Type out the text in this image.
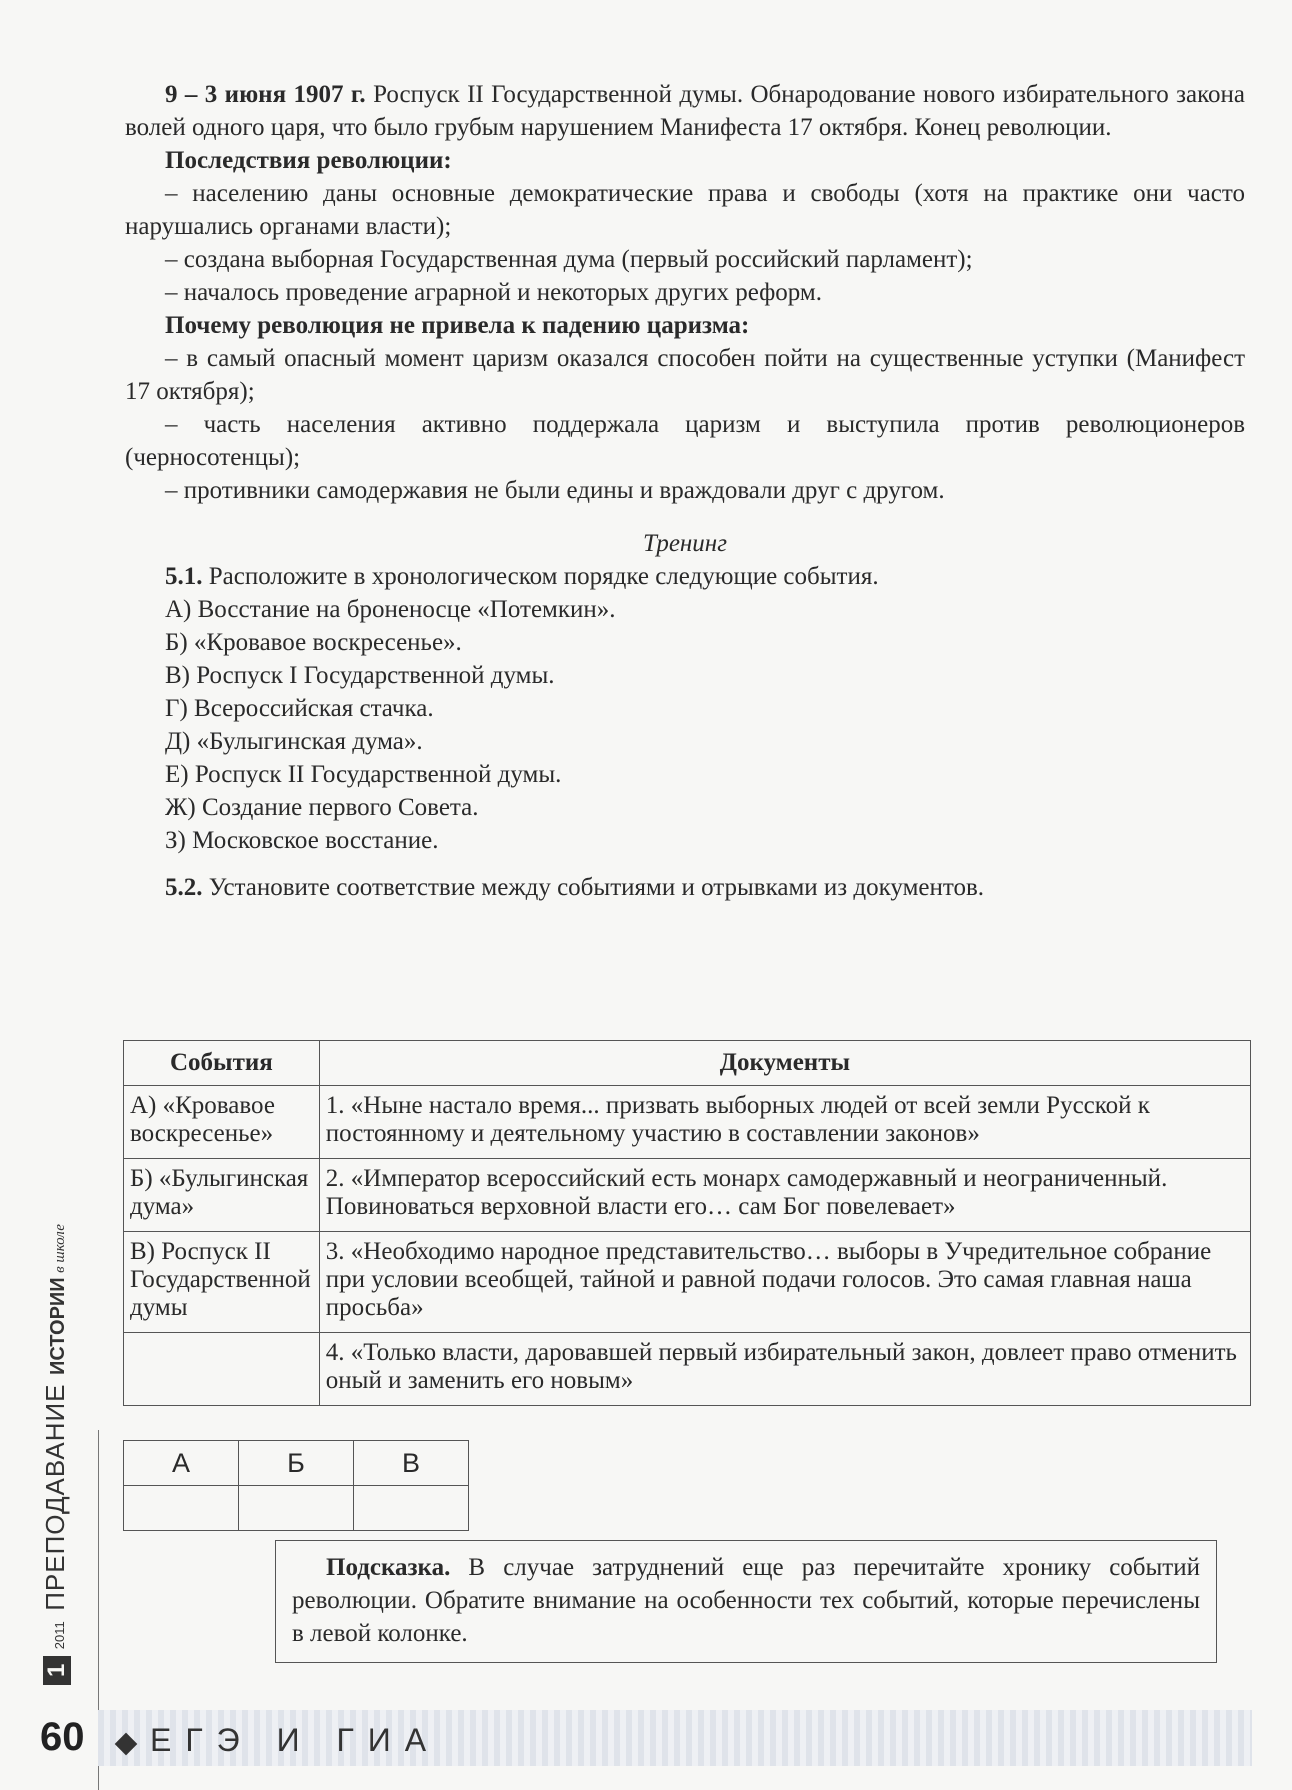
9 – 3 июня 1907 г. Роспуск II Государственной думы. Обнародование нового избирательного закона волей одного царя, что было грубым нарушением Манифеста 17 октября. Конец революции.

Последствия революции:

– населению даны основные демократические права и свободы (хотя на практике они часто нарушались органами власти);

– создана выборная Государственная дума (первый российский парламент);

– началось проведение аграрной и некоторых других реформ.

Почему революция не привела к падению царизма:

– в самый опасный момент царизм оказался способен пойти на существенные уступки (Манифест 17 октября);

– часть населения активно поддержала царизм и выступила против революционеров (черносотенцы);

– противники самодержавия не были едины и враждовали друг с другом.

Тренинг

5.1. Расположите в хронологическом порядке следующие события.

А) Восстание на броненосце «Потемкин».
Б) «Кровавое воскресенье».
В) Роспуск I Государственной думы.
Г) Всероссийская стачка.
Д) «Булыгинская дума».
Е) Роспуск II Государственной думы.
Ж) Создание первого Совета.
З) Московское восстание.

5.2. Установите соответствие между событиями и отрывками из документов.

События	Документы
А) «Кровавое воскресенье»	1. «Ныне настало время... призвать выборных людей от всей земли Русской к постоянному и деятельному участию в составлении законов»
Б) «Булыгинская дума»	2. «Император всероссийский есть монарх самодержавный и неограниченный. Повиноваться верховной власти его… сам Бог повелевает»
В) Роспуск II Государственной думы	3. «Необходимо народное представительство… выборы в Учредительное собрание при условии всеобщей, тайной и равной подачи голосов. Это самая главная наша просьба»
	4. «Только власти, даровавшей первый избирательный закон, довлеет право отменить оный и заменить его новым»
А	Б	В

Подсказка. В случае затруднений еще раз перечитайте хронику событий революции. Обратите внимание на особенности тех событий, которые перечислены в левой колонке.
1 2011 ПРЕПОДАВАНИЕ ИСТОРИИ в школе
60 ЕГЭ И ГИА
